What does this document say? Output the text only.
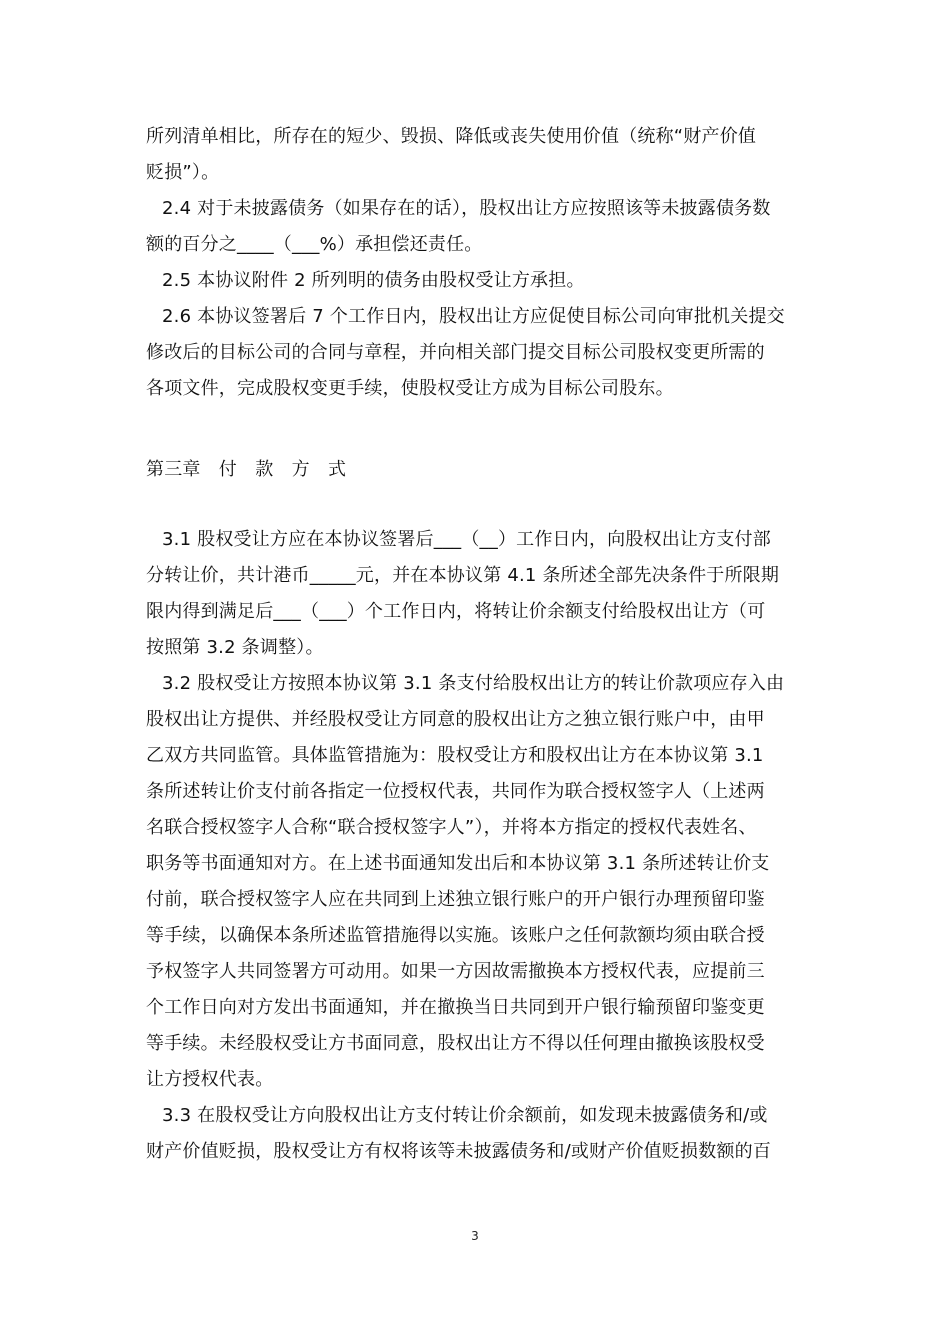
所列清单相比，所存在的短少、毁损、降低或丧失使用价值（统称“财产价值
贬损”）。
2.4 对于未披露债务（如果存在的话），股权出让方应按照该等未披露债务数
额的百分之____（___%）承担偿还责任。
2.5 本协议附件 2 所列明的债务由股权受让方承担。
2.6 本协议签署后 7 个工作日内，股权出让方应促使目标公司向审批机关提交
修改后的目标公司的合同与章程，并向相关部门提交目标公司股权变更所需的
各项文件，完成股权变更手续，使股权受让方成为目标公司股东。
第三章　付　款　方　式
3.1 股权受让方应在本协议签署后___（__）工作日内，向股权出让方支付部
分转让价，共计港币_____元，并在本协议第 4.1 条所述全部先决条件于所限期
限内得到满足后___（___）个工作日内，将转让价余额支付给股权出让方（可
按照第 3.2 条调整）。
3.2 股权受让方按照本协议第 3.1 条支付给股权出让方的转让价款项应存入由
股权出让方提供、并经股权受让方同意的股权出让方之独立银行账户中，由甲
乙双方共同监管。具体监管措施为：股权受让方和股权出让方在本协议第 3.1
条所述转让价支付前各指定一位授权代表，共同作为联合授权签字人（上述两
名联合授权签字人合称“联合授权签字人”），并将本方指定的授权代表姓名、
职务等书面通知对方。在上述书面通知发出后和本协议第 3.1 条所述转让价支
付前，联合授权签字人应在共同到上述独立银行账户的开户银行办理预留印鉴
等手续，以确保本条所述监管措施得以实施。该账户之任何款额均须由联合授
予权签字人共同签署方可动用。如果一方因故需撤换本方授权代表，应提前三
个工作日向对方发出书面通知，并在撤换当日共同到开户银行输预留印鉴变更
等手续。未经股权受让方书面同意，股权出让方不得以任何理由撤换该股权受
让方授权代表。
3.3 在股权受让方向股权出让方支付转让价余额前，如发现未披露债务和/或
财产价值贬损，股权受让方有权将该等未披露债务和/或财产价值贬损数额的百
3
